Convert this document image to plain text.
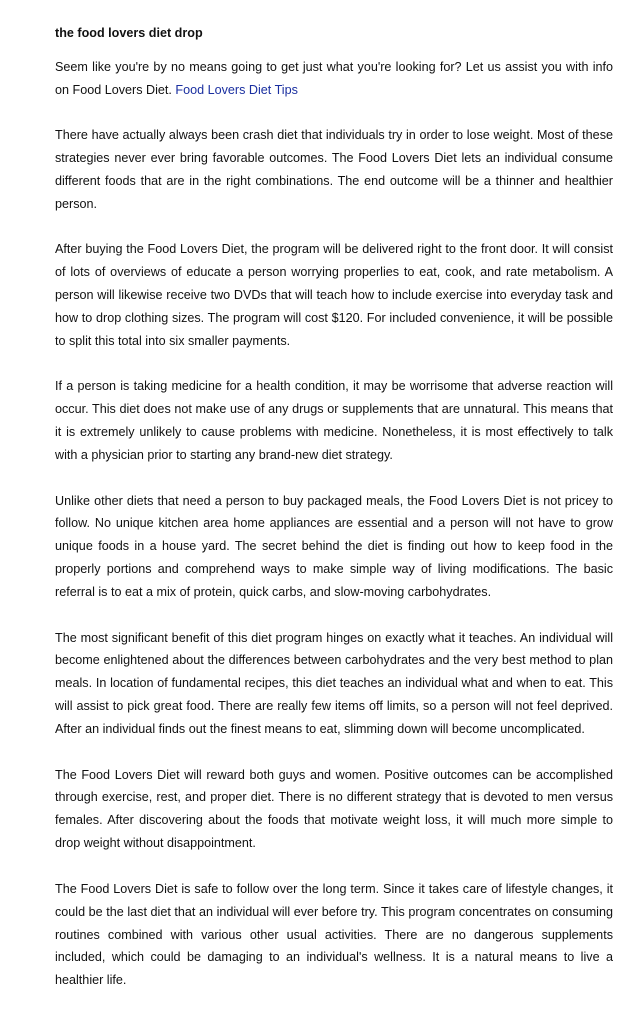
the food lovers diet drop

Seem like you're by no means going to get just what you're looking for? Let us assist you with info on Food Lovers Diet. Food Lovers Diet Tips

There have actually always been crash diet that individuals try in order to lose weight. Most of these strategies never ever bring favorable outcomes. The Food Lovers Diet lets an individual consume different foods that are in the right combinations. The end outcome will be a thinner and healthier person.

After buying the Food Lovers Diet, the program will be delivered right to the front door. It will consist of lots of overviews of educate a person worrying properlies to eat, cook, and rate metabolism. A person will likewise receive two DVDs that will teach how to include exercise into everyday task and how to drop clothing sizes. The program will cost $120. For included convenience, it will be possible to split this total into six smaller payments.

If a person is taking medicine for a health condition, it may be worrisome that adverse reaction will occur. This diet does not make use of any drugs or supplements that are unnatural. This means that it is extremely unlikely to cause problems with medicine. Nonetheless, it is most effectively to talk with a physician prior to starting any brand-new diet strategy.

Unlike other diets that need a person to buy packaged meals, the Food Lovers Diet is not pricey to follow. No unique kitchen area home appliances are essential and a person will not have to grow unique foods in a house yard. The secret behind the diet is finding out how to keep food in the properly portions and comprehend ways to make simple way of living modifications. The basic referral is to eat a mix of protein, quick carbs, and slow-moving carbohydrates.

The most significant benefit of this diet program hinges on exactly what it teaches. An individual will become enlightened about the differences between carbohydrates and the very best method to plan meals. In location of fundamental recipes, this diet teaches an individual what and when to eat. This will assist to pick great food. There are really few items off limits, so a person will not feel deprived. After an individual finds out the finest means to eat, slimming down will become uncomplicated.

The Food Lovers Diet will reward both guys and women. Positive outcomes can be accomplished through exercise, rest, and proper diet. There is no different strategy that is devoted to men versus females. After discovering about the foods that motivate weight loss, it will much more simple to drop weight without disappointment.

The Food Lovers Diet is safe to follow over the long term. Since it takes care of lifestyle changes, it could be the last diet that an individual will ever before try. This program concentrates on consuming routines combined with various other usual activities. There are no dangerous supplements included, which could be damaging to an individual's wellness. It is a natural means to live a healthier life.
